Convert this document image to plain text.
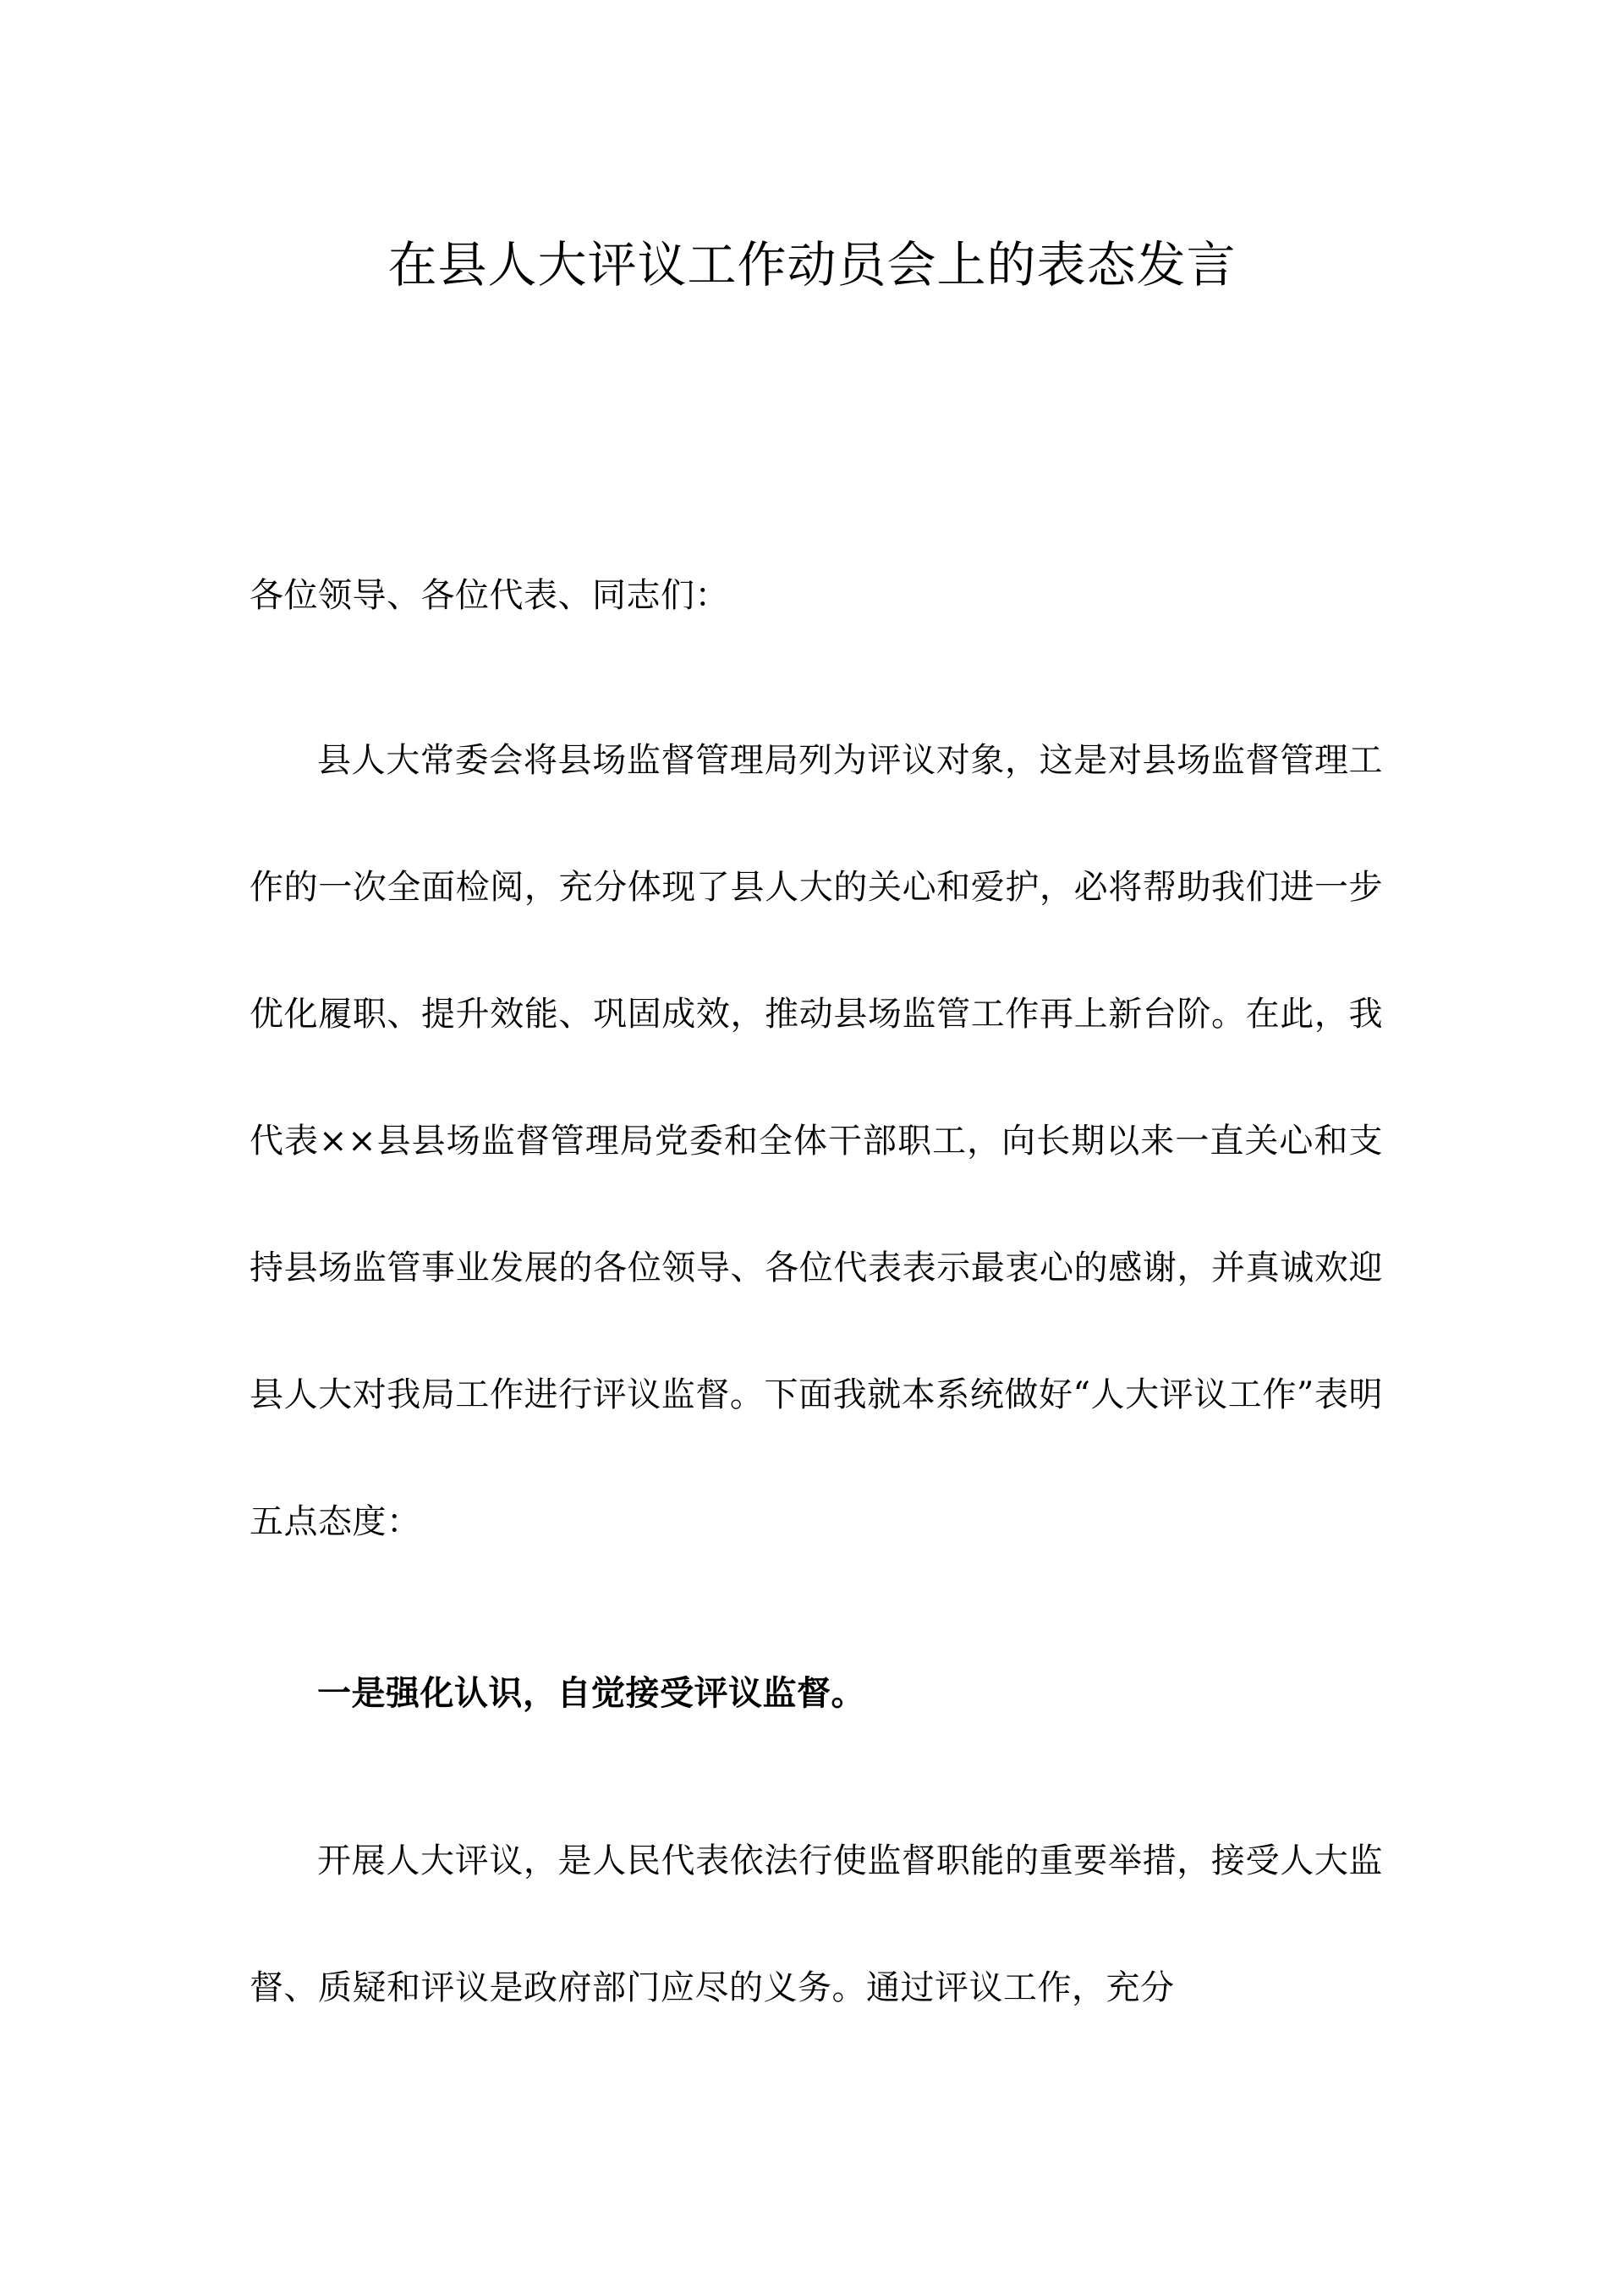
在县人大评议工作动员会上的表态发言
各位领导、各位代表、同志们：

县人大常委会将县场监督管理局列为评议对象，这是对县场监督管理工作的一次全面检阅，充分体现了县人大的关心和爱护，必将帮助我们进一步优化履职、提升效能、巩固成效，推动县场监管工作再上新台阶。在此，我代表××县县场监督管理局党委和全体干部职工，向长期以来一直关心和支持县场监管事业发展的各位领导、各位代表表示最衷心的感谢，并真诚欢迎县人大对我局工作进行评议监督。下面我就本系统做好“人大评议工作”表明五点态度：

一是强化认识，自觉接受评议监督。

开展人大评议，是人民代表依法行使监督职能的重要举措，接受人大监督、质疑和评议是政府部门应尽的义务。通过评议工作，充分
